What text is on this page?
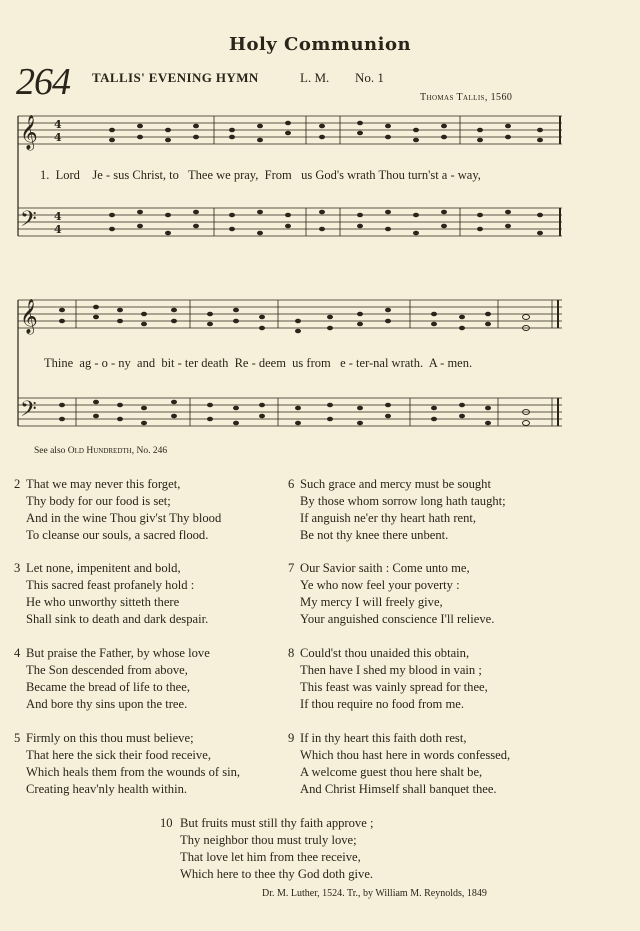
Holy Communion
264 TALLIS' EVENING HYMN	L. M. No. 1
Thomas Tallis, 1560
𝄞
𝄢
4
4
4
4
1.  Lord    Je - sus Christ, to   Thee we pray,  From   us God's wrath Thou turn'st a - way,
𝄞
𝄢
Thine  ag - o - ny  and  bit - ter death  Re - deem  us from   e - ter-nal wrath.  A - men.
See also Old Hundredth, No. 246
2 That we may never this forget,
Thy body for our food is set;
And in the wine Thou giv'st Thy blood
To cleanse our souls, a sacred flood.
3 Let none, impenitent and bold,
This sacred feast profanely hold :
He who unworthy sitteth there
Shall sink to death and dark despair.
4 But praise the Father, by whose love
The Son descended from above,
Became the bread of life to thee,
And bore thy sins upon the tree.
5 Firmly on this thou must believe;
That here the sick their food receive,
Which heals them from the wounds of sin,
Creating heav'nly health within.
6 Such grace and mercy must be sought
By those whom sorrow long hath taught;
If anguish ne'er thy heart hath rent,
Be not thy knee there unbent.
7 Our Savior saith : Come unto me,
Ye who now feel your poverty :
My mercy I will freely give,
Your anguished conscience I'll relieve.
8 Could'st thou unaided this obtain,
Then have I shed my blood in vain ;
This feast was vainly spread for thee,
If thou require no food from me.
9 If in thy heart this faith doth rest,
Which thou hast here in words confessed,
A welcome guest thou here shalt be,
And Christ Himself shall banquet thee.
10 But fruits must still thy faith approve ;
Thy neighbor thou must truly love;
That love let him from thee receive,
Which here to thee thy God doth give.
Dr. M. Luther, 1524. Tr., by William M. Reynolds, 1849
